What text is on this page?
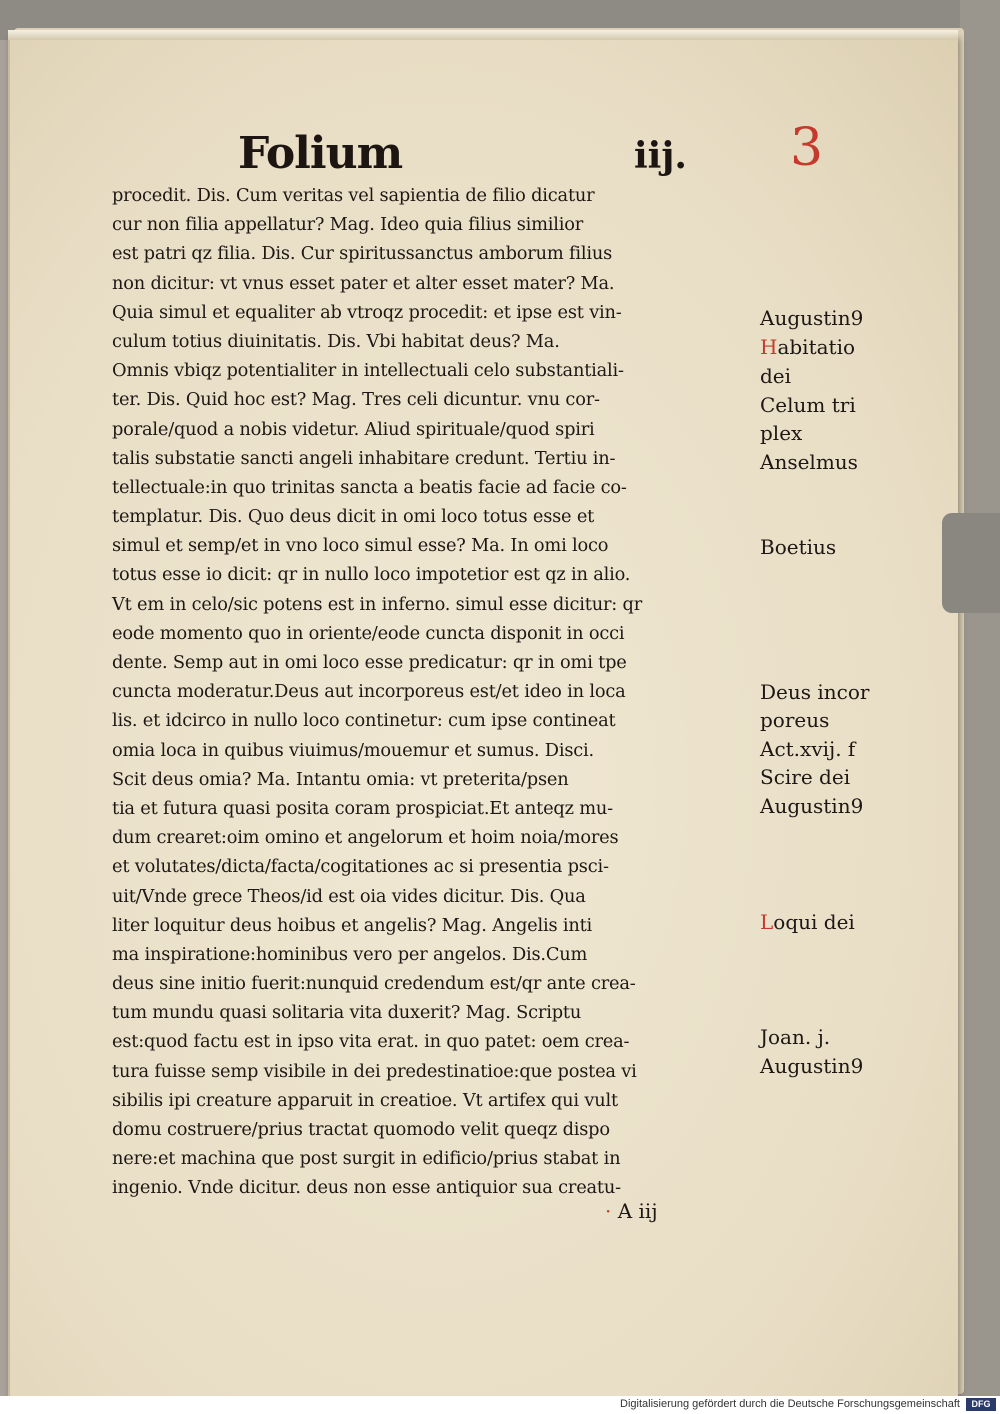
Folium	iij. 3
procedit. Dis. Cum veritas vel sapientia de filio dicatur
cur non filia appellatur? Mag. Ideo quia filius similior
est patri qz filia. Dis. Cur spiritussanctus amborum filius
non dicitur: vt vnus esset pater et alter esset mater? Ma.
Quia simul et equaliter ab vtroqz procedit: et ipse est vin-
culum totius diuinitatis. Dis. Vbi habitat deus? Ma.
Omnis vbiqz potentialiter in intellectuali celo substantiali-
ter. Dis. Quid hoc est? Mag. Tres celi dicuntur. vnu cor-
porale/quod a nobis videtur. Aliud spirituale/quod spiri
talis substatie sancti angeli inhabitare credunt. Tertiu in-
tellectuale:in quo trinitas sancta a beatis facie ad facie co-
templatur. Dis. Quo deus dicit in omi loco totus esse et
simul et semp/et in vno loco simul esse? Ma. In omi loco
totus esse io dicit: qr in nullo loco impotetior est qz in alio.
Vt em in celo/sic potens est in inferno. simul esse dicitur: qr
eode momento quo in oriente/eode cuncta disponit in occi
dente. Semp aut in omi loco esse predicatur: qr in omi tpe
cuncta moderatur.Deus aut incorporeus est/et ideo in loca
lis. et idcirco in nullo loco continetur: cum ipse contineat
omia loca in quibus viuimus/mouemur et sumus. Disci.
Scit deus omia? Ma. Intantu omia: vt preterita/psen
tia et futura quasi posita coram prospiciat.Et anteqz mu-
dum crearet:oim omino et angelorum et hoim noia/mores
et volutates/dicta/facta/cogitationes ac si presentia psci-
uit/Vnde grece Theos/id est oia vides dicitur. Dis. Qua
liter loquitur deus hoibus et angelis? Mag. Angelis inti
ma inspiratione:hominibus vero per angelos. Dis.Cum
deus sine initio fuerit:nunquid credendum est/qr ante crea-
tum mundu quasi solitaria vita duxerit? Mag. Scriptu
est:quod factu est in ipso vita erat. in quo patet: oem crea-
tura fuisse semp visibile in dei predestinatioe:que postea vi
sibilis ipi creature apparuit in creatioe. Vt artifex qui vult
domu costruere/prius tractat quomodo velit queqz dispo
nere:et machina que post surgit in edificio/prius stabat in
ingenio. Vnde dicitur. deus non esse antiquior sua creatu-
Augustin9
Habitatio
dei
Celum tri
plex
Anselmus
Boetius
Deus incor
poreus
Act.xvij. f
Scire dei
Augustin9
Loqui dei
Joan. j.
Augustin9
· A iij
Digitalisierung gefördert durch die Deutsche Forschungsgemeinschaft	DFG
